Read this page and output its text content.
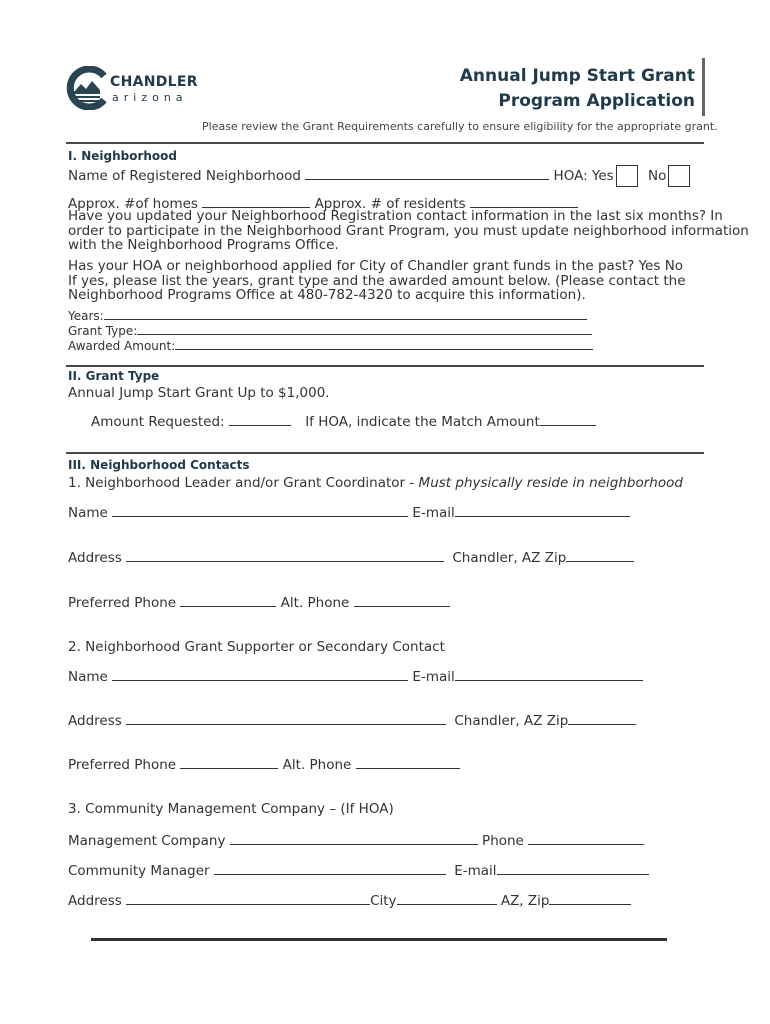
CHANDLER
arizona
Annual Jump Start Grant
Program Application
Please review the Grant Requirements carefully to ensure eligibility for the appropriate grant.
I. Neighborhood
Name of Registered Neighborhood	HOA: Yes	No
Approx. #of homes	Approx. # of residents
Have you updated your Neighborhood Registration contact information in the last six months? In
order to participate in the Neighborhood Grant Program, you must update neighborhood information
with the Neighborhood Programs Office.
Has your HOA or neighborhood applied for City of Chandler grant funds in the past? Yes No
If yes, please list the years, grant type and the awarded amount below. (Please contact the
Neighborhood Programs Office at 480-782-4320 to acquire this information).
Years:
Grant Type:
Awarded Amount:
II. Grant Type
Annual Jump Start Grant Up to $1,000.
Amount Requested:	If HOA, indicate the Match Amount
III. Neighborhood Contacts
1. Neighborhood Leader and/or Grant Coordinator - Must physically reside in neighborhood
Name	E-mail
Address	Chandler, AZ Zip
Preferred Phone	Alt. Phone
2. Neighborhood Grant Supporter or Secondary Contact
Name	E-mail
Address	Chandler, AZ Zip
Preferred Phone	Alt. Phone
3. Community Management Company – (If HOA)
Management Company	Phone
Community Manager	E-mail
Address	City	AZ, Zip
